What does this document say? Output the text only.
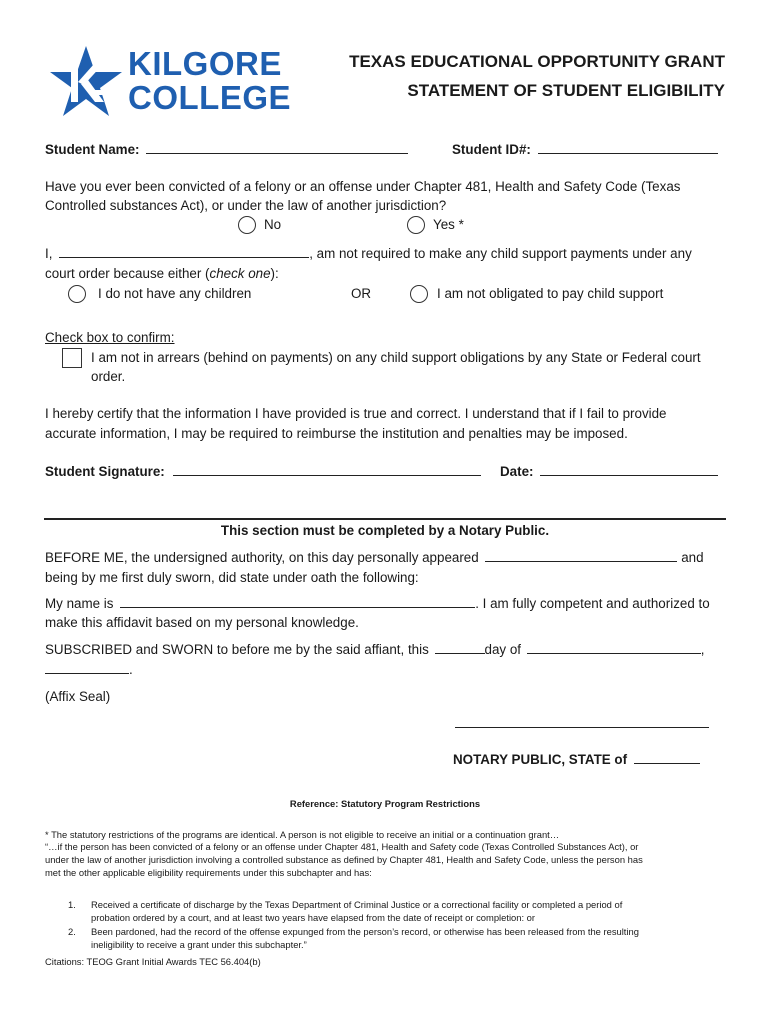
KILGORE
COLLEGE
TEXAS EDUCATIONAL OPPORTUNITY GRANT
STATEMENT OF STUDENT ELIGIBILITY
Student Name:	Student ID#:
Have you ever been convicted of a felony or an offense under Chapter 481, Health and Safety Code (Texas
Controlled substances Act), or under the law of another jurisdiction?
No	Yes *
I,	, am not required to make any child support payments under any
court order because either (check one):
I do not have any children	OR	I am not obligated to pay child support
Check box to confirm:
I am not in arrears (behind on payments) on any child support obligations by any State or Federal court
order.
I hereby certify that the information I have provided is true and correct. I understand that if I fail to provide
accurate information, I may be required to reimburse the institution and penalties may be imposed.
Student Signature:	Date:
This section must be completed by a Notary Public.
BEFORE ME, the undersigned authority, on this day personally appeared	and
being by me first duly sworn, did state under oath the following:
My name is	. I am fully competent and authorized to
make this affidavit based on my personal knowledge.
SUBSCRIBED and SWORN to before me by the said affiant, this	day of	,
.
(Affix Seal)
NOTARY PUBLIC, STATE of
Reference: Statutory Program Restrictions
* The statutory restrictions of the programs are identical. A person is not eligible to receive an initial or a continuation grant…
“…if the person has been convicted of a felony or an offense under Chapter 481, Health and Safety code (Texas Controlled Substances Act), or
under the law of another jurisdiction involving a controlled substance as defined by Chapter 481, Health and Safety Code, unless the person has
met the other applicable eligibility requirements under this subchapter and has:
1. Received a certificate of discharge by the Texas Department of Criminal Justice or a correctional facility or completed a period of
probation ordered by a court, and at least two years have elapsed from the date of receipt or completion: or
2. Been pardoned, had the record of the offense expunged from the person’s record, or otherwise has been released from the resulting
ineligibility to receive a grant under this subchapter.”
Citations: TEOG Grant Initial Awards TEC 56.404(b)
